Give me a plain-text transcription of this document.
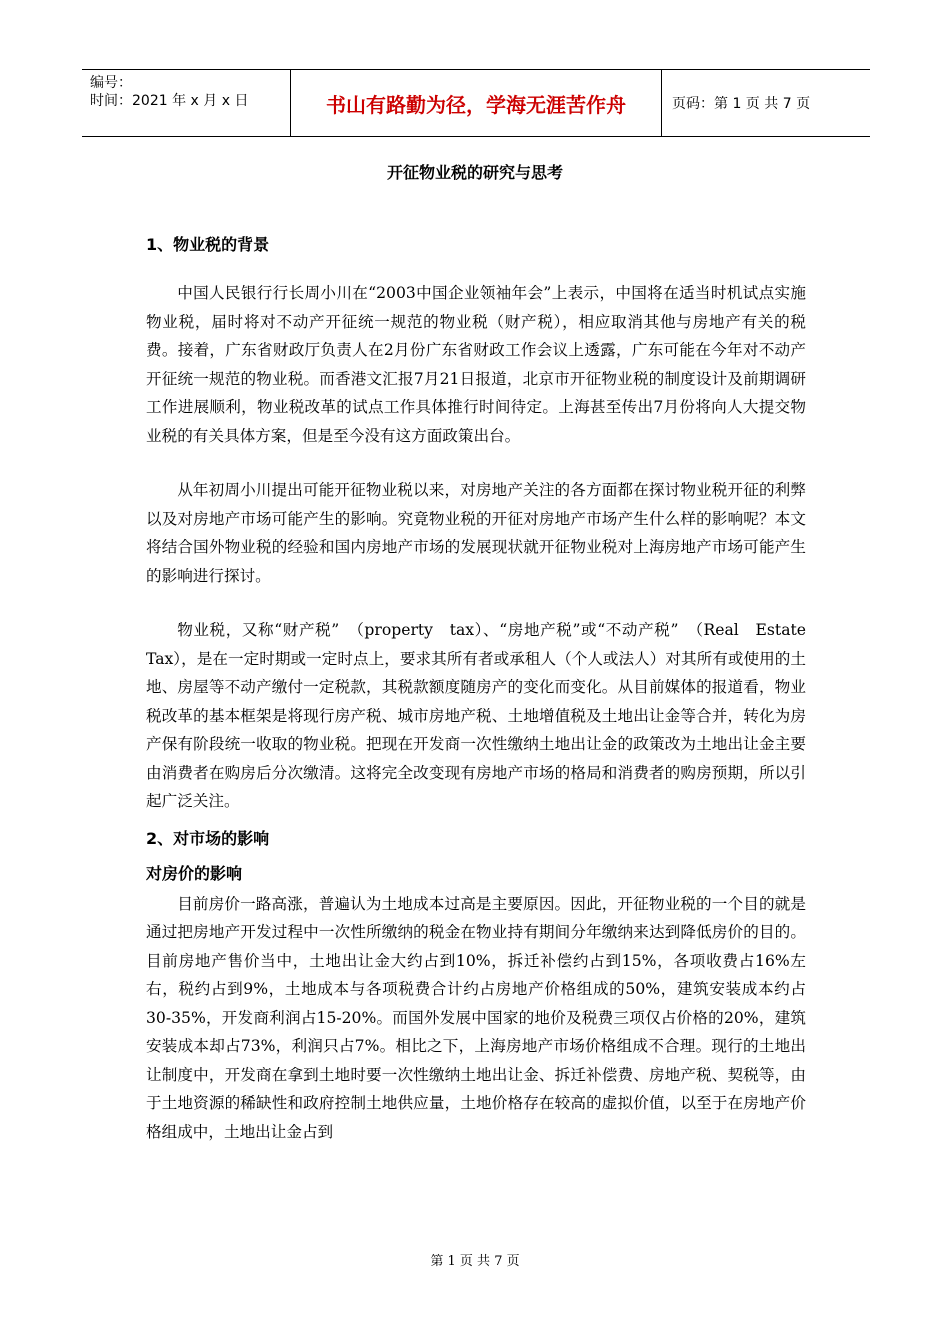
编号：
时间：2021 年 x 月 x 日	书山有路勤为径，学海无涯苦作舟	页码：第 1 页 共 7 页
开征物业税的研究与思考

1、物业税的背景

中国人民银行行长周小川在“2003中国企业领袖年会”上表示，中国将在适当时机试点实施物业税，届时将对不动产开征统一规范的物业税（财产税），相应取消其他与房地产有关的税费。接着，广东省财政厅负责人在2月份广东省财政工作会议上透露，广东可能在今年对不动产开征统一规范的物业税。而香港文汇报7月21日报道，北京市开征物业税的制度设计及前期调研工作进展顺利，物业税改革的试点工作具体推行时间待定。上海甚至传出7月份将向人大提交物业税的有关具体方案，但是至今没有这方面政策出台。

从年初周小川提出可能开征物业税以来，对房地产关注的各方面都在探讨物业税开征的利弊以及对房地产市场可能产生的影响。究竟物业税的开征对房地产市场产生什么样的影响呢？本文将结合国外物业税的经验和国内房地产市场的发展现状就开征物业税对上海房地产市场可能产生的影响进行探讨。

物业税，又称“财产税”　（property　tax）、“房地产税”或“不动产税”　（Real　Estate　Tax），是在一定时期或一定时点上，要求其所有者或承租人（个人或法人）对其所有或使用的土地、房屋等不动产缴付一定税款，其税款额度随房产的变化而变化。从目前媒体的报道看，物业税改革的基本框架是将现行房产税、城市房地产税、土地增值税及土地出让金等合并，转化为房产保有阶段统一收取的物业税。把现在开发商一次性缴纳土地出让金的政策改为土地出让金主要由消费者在购房后分次缴清。这将完全改变现有房地产市场的格局和消费者的购房预期，所以引起广泛关注。

2、对市场的影响

对房价的影响

目前房价一路高涨，普遍认为土地成本过高是主要原因。因此，开征物业税的一个目的就是通过把房地产开发过程中一次性所缴纳的税金在物业持有期间分年缴纳来达到降低房价的目的。目前房地产售价当中，土地出让金大约占到10%，拆迁补偿约占到15%，各项收费占16%左右，税约占到9%，土地成本与各项税费合计约占房地产价格组成的50%，建筑安装成本约占30-35%，开发商利润占15-20%。而国外发展中国家的地价及税费三项仅占价格的20%，建筑安装成本却占73%，利润只占7%。相比之下，上海房地产市场价格组成不合理。现行的土地出让制度中，开发商在拿到土地时要一次性缴纳土地出让金、拆迁补偿费、房地产税、契税等，由于土地资源的稀缺性和政府控制土地供应量，土地价格存在较高的虚拟价值，以至于在房地产价格组成中，土地出让金占到

第 1 页 共 7 页
